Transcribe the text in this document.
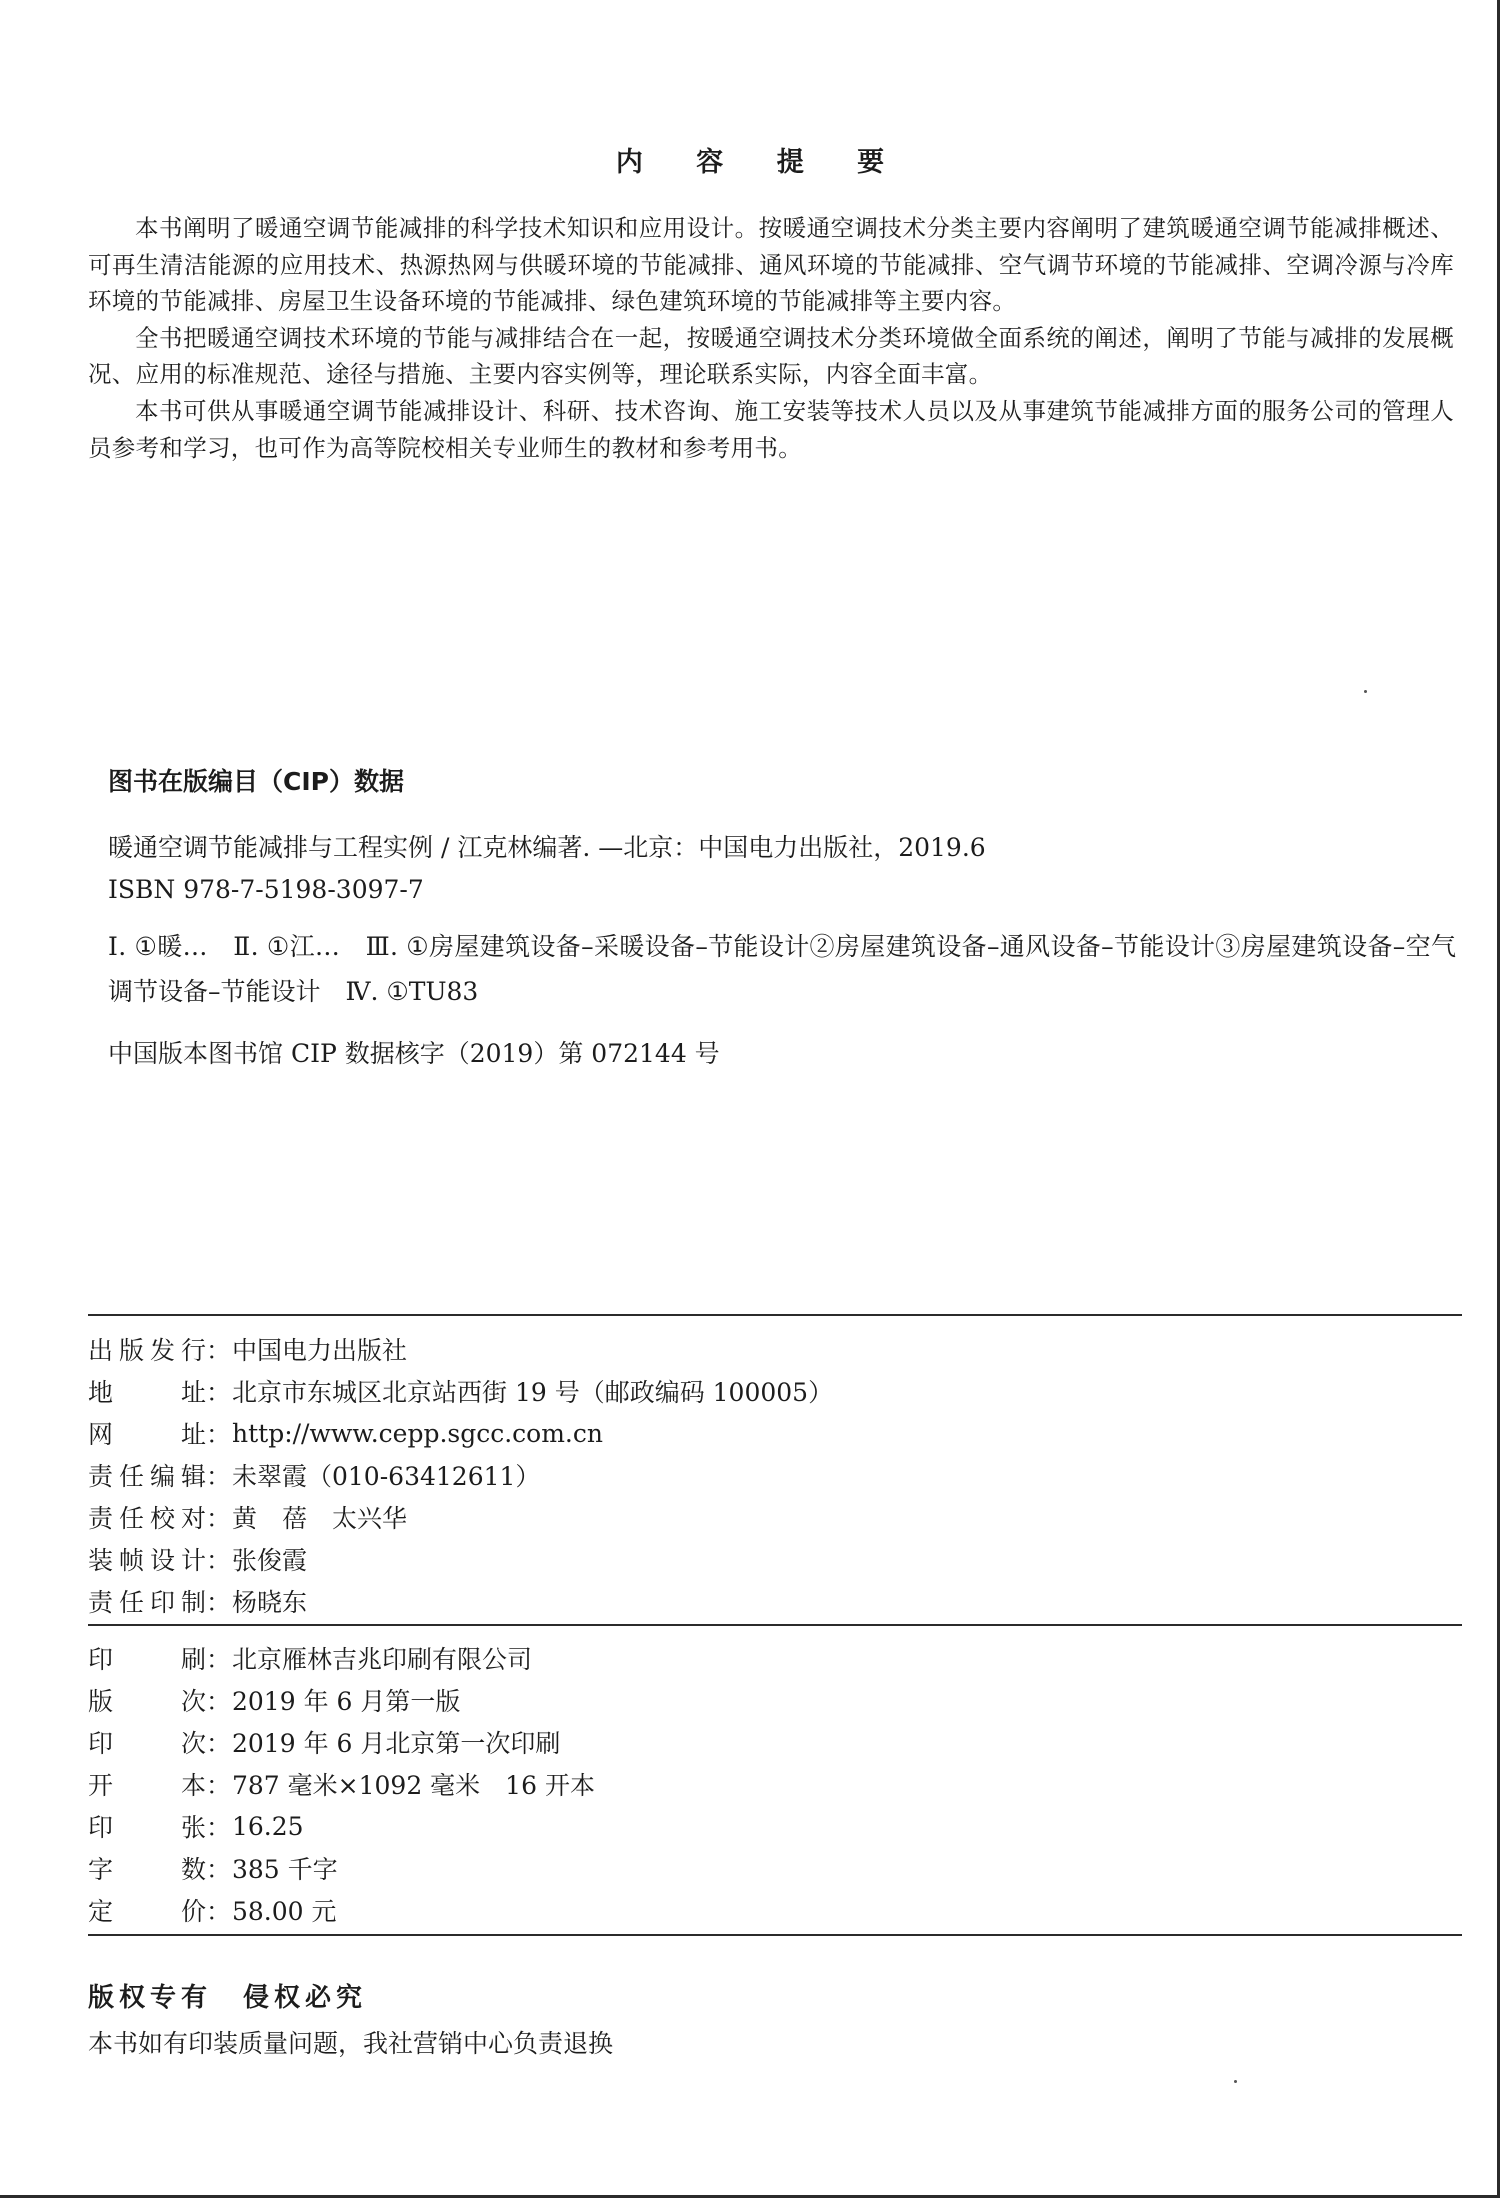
内 容 提 要

本书阐明了暖通空调节能减排的科学技术知识和应用设计。按暖通空调技术分类主要内容阐明了建筑暖通空调节能减排概述、可再生清洁能源的应用技术、热源热网与供暖环境的节能减排、通风环境的节能减排、空气调节环境的节能减排、空调冷源与冷库环境的节能减排、房屋卫生设备环境的节能减排、绿色建筑环境的节能减排等主要内容。

全书把暖通空调技术环境的节能与减排结合在一起，按暖通空调技术分类环境做全面系统的阐述，阐明了节能与减排的发展概况、应用的标准规范、途径与措施、主要内容实例等，理论联系实际，内容全面丰富。

本书可供从事暖通空调节能减排设计、科研、技术咨询、施工安装等技术人员以及从事建筑节能减排方面的服务公司的管理人员参考和学习，也可作为高等院校相关专业师生的教材和参考用书。

图书在版编目（CIP）数据
暖通空调节能减排与工程实例 / 江克林编著. —北京：中国电力出版社，2019.6
ISBN 978-7-5198-3097-7
Ⅰ. ①暖…　Ⅱ. ①江…　Ⅲ. ①房屋建筑设备–采暖设备–节能设计②房屋建筑设备–通风设备–节能设计③房屋建筑设备–空气调节设备–节能设计　Ⅳ. ①TU83
中国版本图书馆 CIP 数据核字（2019）第 072144 号
出版发行 ： 中国电力出版社
地址 ： 北京市东城区北京站西街 19 号（邮政编码 100005）
网址 ： http://www.cepp.sgcc.com.cn
责任编辑 ： 未翠霞（010-63412611）
责任校对 ： 黄　蓓　太兴华
装帧设计 ： 张俊霞
责任印制 ： 杨晓东
印刷 ： 北京雁林吉兆印刷有限公司
版次 ： 2019 年 6 月第一版
印次 ： 2019 年 6 月北京第一次印刷
开本 ： 787 毫米×1092 毫米　16 开本
印张 ： 16.25
字数 ： 385 千字
定价 ： 58.00 元
版权专有　侵权必究
本书如有印装质量问题，我社营销中心负责退换
